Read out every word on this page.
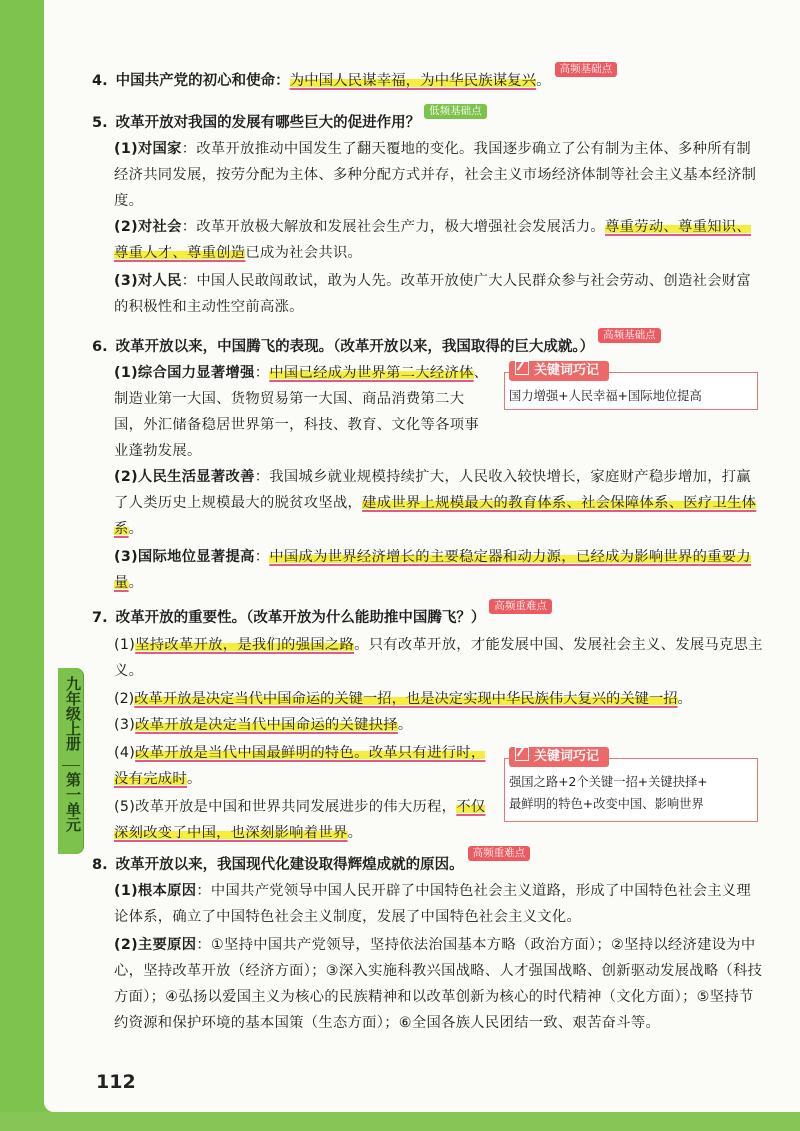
九年级上册
第一单元
4. 中国共产党的初心和使命：为中国人民谋幸福，为中华民族谋复兴。高频基础点
5. 改革开放对我国的发展有哪些巨大的促进作用？低频基础点
(1)对国家：改革开放推动中国发生了翻天覆地的变化。我国逐步确立了公有制为主体、多种所有制经济共同发展，按劳分配为主体、多种分配方式并存，社会主义市场经济体制等社会主义基本经济制度。
(2)对社会：改革开放极大解放和发展社会生产力，极大增强社会发展活力。尊重劳动、尊重知识、尊重人才、尊重创造已成为社会共识。
(3)对人民：中国人民敢闯敢试，敢为人先。改革开放使广大人民群众参与社会劳动、创造社会财富的积极性和主动性空前高涨。
6. 改革开放以来，中国腾飞的表现。（改革开放以来，我国取得的巨大成就。）高频基础点
(1)综合国力显著增强：中国已经成为世界第二大经济体、制造业第一大国、货物贸易第一大国、商品消费第二大国，外汇储备稳居世界第一，科技、教育、文化等各项事业蓬勃发展。
关键词巧记
国力增强+人民幸福+国际地位提高
(2)人民生活显著改善：我国城乡就业规模持续扩大，人民收入较快增长，家庭财产稳步增加，打赢了人类历史上规模最大的脱贫攻坚战，建成世界上规模最大的教育体系、社会保障体系、医疗卫生体系。
(3)国际地位显著提高：中国成为世界经济增长的主要稳定器和动力源，已经成为影响世界的重要力量。
7. 改革开放的重要性。（改革开放为什么能助推中国腾飞？）高频重难点
(1)坚持改革开放，是我们的强国之路。只有改革开放，才能发展中国、发展社会主义、发展马克思主义。
(2)改革开放是决定当代中国命运的关键一招，也是决定实现中华民族伟大复兴的关键一招。
(3)改革开放是决定当代中国命运的关键抉择。
(4)改革开放是当代中国最鲜明的特色。改革只有进行时，没有完成时。
(5)改革开放是中国和世界共同发展进步的伟大历程，不仅深刻改变了中国，也深刻影响着世界。
关键词巧记
强国之路+2个关键一招+关键抉择+
最鲜明的特色+改变中国、影响世界
8. 改革开放以来，我国现代化建设取得辉煌成就的原因。高频重难点
(1)根本原因：中国共产党领导中国人民开辟了中国特色社会主义道路，形成了中国特色社会主义理论体系，确立了中国特色社会主义制度，发展了中国特色社会主义文化。
(2)主要原因：①坚持中国共产党领导，坚持依法治国基本方略（政治方面）；②坚持以经济建设为中心，坚持改革开放（经济方面）；③深入实施科教兴国战略、人才强国战略、创新驱动发展战略（科技方面）；④弘扬以爱国主义为核心的民族精神和以改革创新为核心的时代精神（文化方面）；⑤坚持节约资源和保护环境的基本国策（生态方面）；⑥全国各族人民团结一致、艰苦奋斗等。
112
